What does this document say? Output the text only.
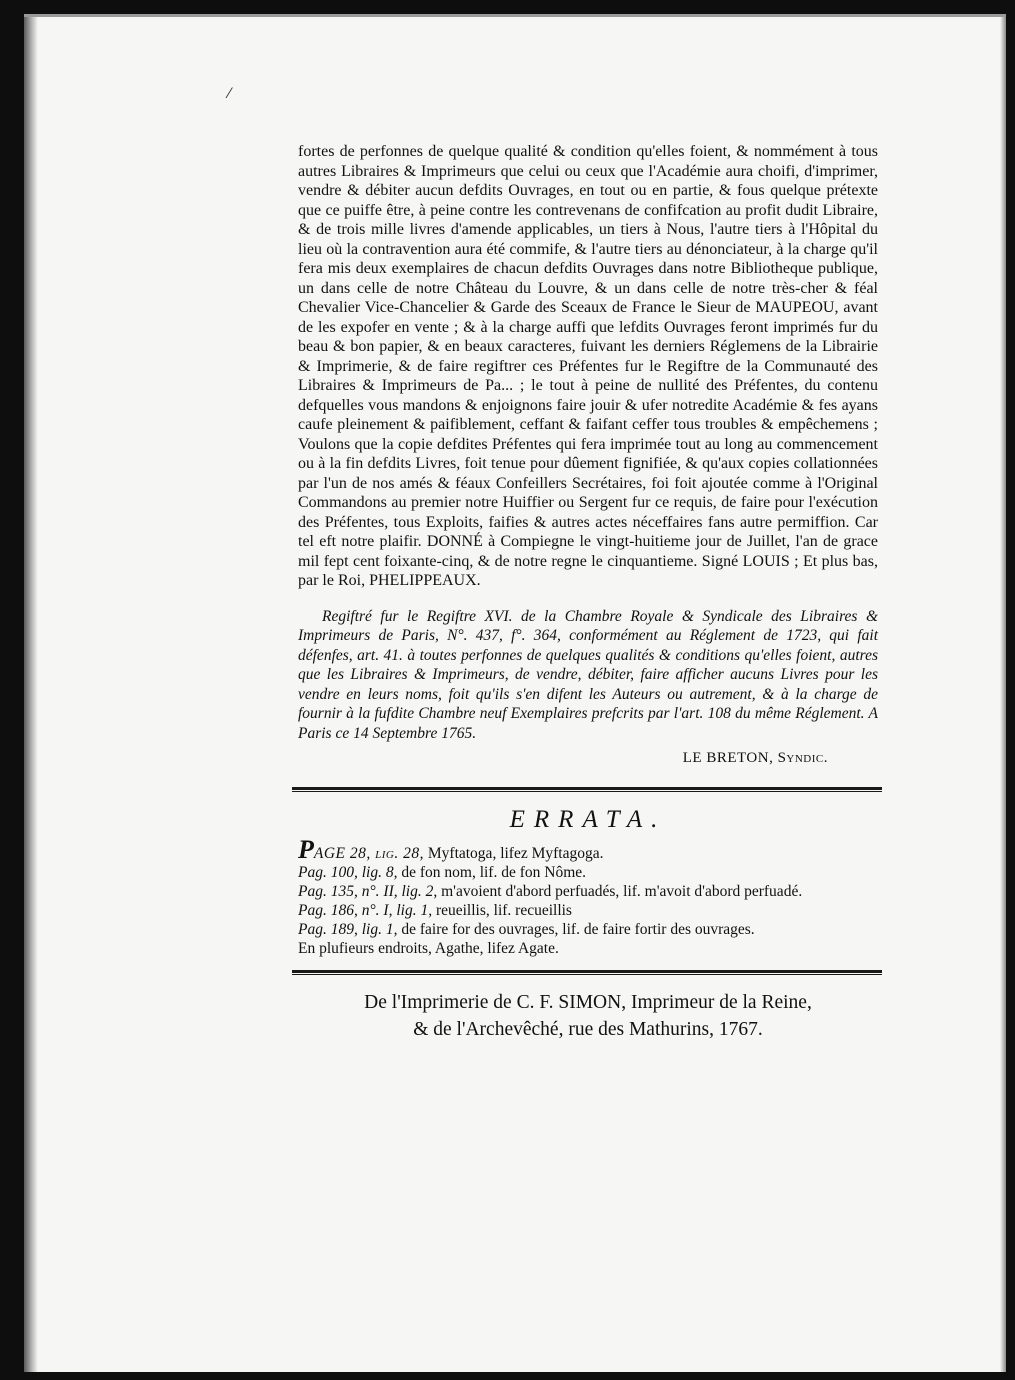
⁄

fortes de perfonnes de quelque qualité & condition qu'elles foient, & nommément à tous autres Libraires & Imprimeurs que celui ou ceux que l'Académie aura choifi, d'imprimer, vendre & débiter aucun defdits Ouvrages, en tout ou en partie, & fous quelque prétexte que ce puiffe être, à peine contre les contrevenans de confifcation au profit dudit Libraire, & de trois mille livres d'amende applicables, un tiers à Nous, l'autre tiers à l'Hôpital du lieu où la contravention aura été commife, & l'autre tiers au dénonciateur, à la charge qu'il fera mis deux exemplaires de chacun defdits Ouvrages dans notre Bibliotheque publique, un dans celle de notre Château du Louvre, & un dans celle de notre très-cher & féal Chevalier Vice-Chancelier & Garde des Sceaux de France le Sieur de MAUPEOU, avant de les expofer en vente ; & à la charge auffi que lefdits Ouvrages feront imprimés fur du beau & bon papier, & en beaux caracteres, fuivant les derniers Réglemens de la Librairie & Imprimerie, & de faire regiftrer ces Préfentes fur le Regiftre de la Communauté des Libraires & Imprimeurs de Pa... ; le tout à peine de nullité des Préfentes, du contenu defquelles vous mandons & enjoignons faire jouir & ufer notredite Académie & fes ayans caufe pleinement & paifiblement, ceffant & faifant ceffer tous troubles & empêchemens ; Voulons que la copie defdites Préfentes qui fera imprimée tout au long au commencement ou à la fin defdits Livres, foit tenue pour dûement fignifiée, & qu'aux copies collationnées par l'un de nos amés & féaux Confeillers Secrétaires, foi foit ajoutée comme à l'Original Commandons au premier notre Huiffier ou Sergent fur ce requis, de faire pour l'exécution des Préfentes, tous Exploits, faifies & autres actes néceffaires fans autre permiffion. Car tel eft notre plaifir. DONNÉ à Compiegne le vingt-huitieme jour de Juillet, l'an de grace mil fept cent foixante-cinq, & de notre regne le cinquantieme. Signé LOUIS ; Et plus bas, par le Roi, PHELIPPEAUX.

Regiftré fur le Regiftre XVI. de la Chambre Royale & Syndicale des Libraires & Imprimeurs de Paris, N°. 437, f°. 364, conformément au Réglement de 1723, qui fait défenfes, art. 41. à toutes perfonnes de quelques qualités & conditions qu'elles foient, autres que les Libraires & Imprimeurs, de vendre, débiter, faire afficher aucuns Livres pour les vendre en leurs noms, foit qu'ils s'en difent les Auteurs ou autrement, & à la charge de fournir à la fufdite Chambre neuf Exemplaires prefcrits par l'art. 108 du même Réglement. A Paris ce 14 Septembre 1765.

LE BRETON, Syndic.

ERRATA.

PAGE 28, lig. 28, Myftatoga, lifez Myftagoga.

Pag. 100, lig. 8, de fon nom, lif. de fon Nôme.

Pag. 135, n°. II, lig. 2, m'avoient d'abord perfuadés, lif. m'avoit d'abord perfuadé.

Pag. 186, n°. I, lig. 1, reueillis, lif. recueillis

Pag. 189, lig. 1, de faire for des ouvrages, lif. de faire fortir des ouvrages.

En plufieurs endroits, Agathe, lifez Agate.

De l'Imprimerie de C. F. SIMON, Imprimeur de la Reine,
& de l'Archevêché, rue des Mathurins, 1767.
